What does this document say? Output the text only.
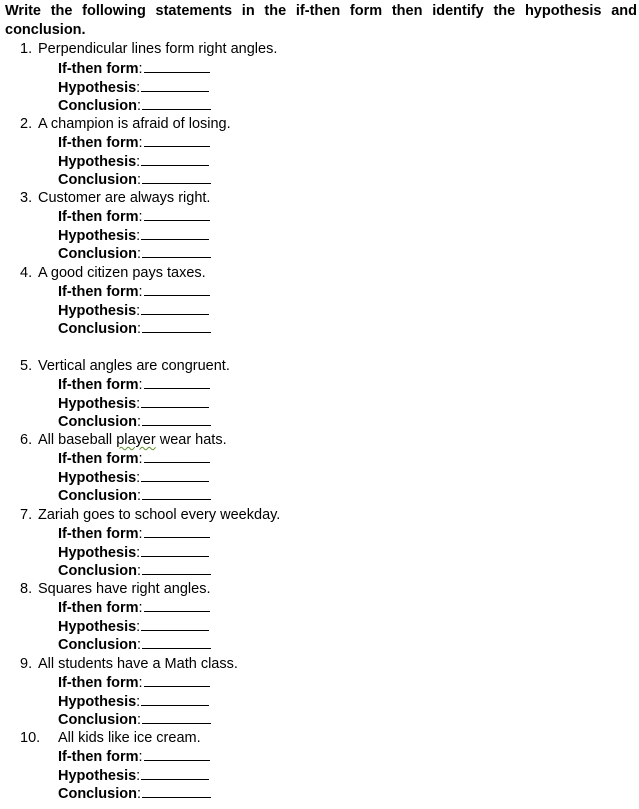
Write the following statements in the if-then form then identify the hypothesis and conclusion.
1. Perpendicular lines form right angles.
If-then form:
Hypothesis:
Conclusion:
2. A champion is afraid of losing.
If-then form:
Hypothesis:
Conclusion:
3. Customer are always right.
If-then form:
Hypothesis:
Conclusion:
4. A good citizen pays taxes.
If-then form:
Hypothesis:
Conclusion:
5. Vertical angles are congruent.
If-then form:
Hypothesis:
Conclusion:
6. All baseball player wear hats.
If-then form:
Hypothesis:
Conclusion:
7. Zariah goes to school every weekday.
If-then form:
Hypothesis:
Conclusion:
8. Squares have right angles.
If-then form:
Hypothesis:
Conclusion:
9. All students have a Math class.
If-then form:
Hypothesis:
Conclusion:
10. All kids like ice cream.
If-then form:
Hypothesis:
Conclusion:
